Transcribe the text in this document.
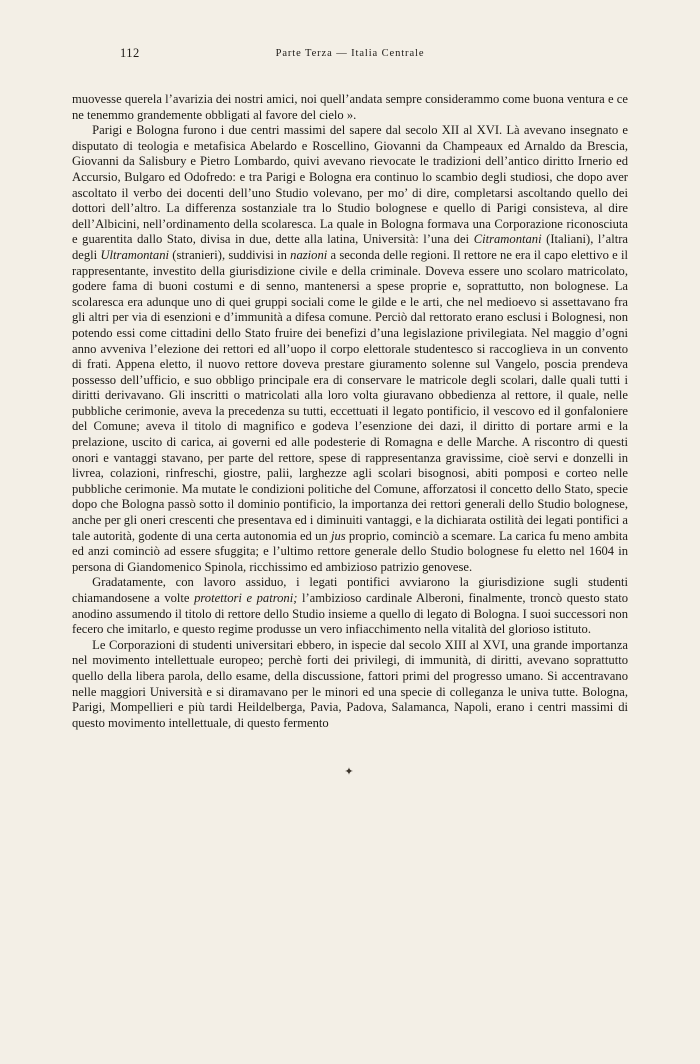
112	Parte Terza — Italia Centrale

muovesse querela l’avarizia dei nostri amici, noi quell’andata sempre considerammo come buona ventura e ce ne tenemmo grandemente obbligati al favore del cielo ».

Parigi e Bologna furono i due centri massimi del sapere dal secolo XII al XVI. Là avevano insegnato e disputato di teologia e metafisica Abelardo e Roscellino, Giovanni da Champeaux ed Arnaldo da Brescia, Giovanni da Salisbury e Pietro Lombardo, quivi avevano rievocate le tradizioni dell’antico diritto Irnerio ed Accursio, Bulgaro ed Odofredo: e tra Parigi e Bologna era continuo lo scambio degli studiosi, che dopo aver ascoltato il verbo dei docenti dell’uno Studio volevano, per mo’ di dire, completarsi ascoltando quello dei dottori dell’altro. La differenza sostanziale tra lo Studio bolognese e quello di Parigi consisteva, al dire dell’Albicini, nell’ordinamento della scolaresca. La quale in Bologna formava una Corporazione riconosciuta e guarentita dallo Stato, divisa in due, dette alla latina, Università: l’una dei Citramontani (Italiani), l’altra degli Ultramontani (stranieri), suddivisi in nazioni a seconda delle regioni. Il rettore ne era il capo elettivo e il rappresentante, investito della giurisdizione civile e della criminale. Doveva essere uno scolaro matricolato, godere fama di buoni costumi e di senno, mantenersi a spese proprie e, soprattutto, non bolognese. La scolaresca era adunque uno di quei gruppi sociali come le gilde e le arti, che nel medioevo si assettavano fra gli altri per via di esenzioni e d’immunità a difesa comune. Perciò dal rettorato erano esclusi i Bolognesi, non potendo essi come cittadini dello Stato fruire dei benefizi d’una legislazione privilegiata. Nel maggio d’ogni anno avveniva l’elezione dei rettori ed all’uopo il corpo elettorale studentesco si raccoglieva in un convento di frati. Appena eletto, il nuovo rettore doveva prestare giuramento solenne sul Vangelo, poscia prendeva possesso dell’ufficio, e suo obbligo principale era di conservare le matricole degli scolari, dalle quali tutti i diritti derivavano. Gli inscritti o matricolati alla loro volta giuravano obbedienza al rettore, il quale, nelle pubbliche cerimonie, aveva la precedenza su tutti, eccettuati il legato pontificio, il vescovo ed il gonfaloniere del Comune; aveva il titolo di magnifico e godeva l’esenzione dei dazi, il diritto di portare armi e la prelazione, uscito di carica, ai governi ed alle podesterie di Romagna e delle Marche. A riscontro di questi onori e vantaggi stavano, per parte del rettore, spese di rappresentanza gravissime, cioè servi e donzelli in livrea, colazioni, rinfreschi, giostre, palii, larghezze agli scolari bisognosi, abiti pomposi e corteo nelle pubbliche cerimonie. Ma mutate le condizioni politiche del Comune, afforzatosi il concetto dello Stato, specie dopo che Bologna passò sotto il dominio pontificio, la importanza dei rettori generali dello Studio bolognese, anche per gli oneri crescenti che presentava ed i diminuiti vantaggi, e la dichiarata ostilità dei legati pontifici a tale autorità, godente di una certa autonomia ed un jus proprio, cominciò a scemare. La carica fu meno ambita ed anzi cominciò ad essere sfuggita; e l’ultimo rettore generale dello Studio bolognese fu eletto nel 1604 in persona di Giandomenico Spinola, ricchissimo ed ambizioso patrizio genovese.

Gradatamente, con lavoro assiduo, i legati pontifici avviarono la giurisdizione sugli studenti chiamandosene a volte protettori e patroni; l’ambizioso cardinale Alberoni, finalmente, troncò questo stato anodino assumendo il titolo di rettore dello Studio insieme a quello di legato di Bologna. I suoi successori non fecero che imitarlo, e questo regime produsse un vero infiacchimento nella vitalità del glorioso istituto.

Le Corporazioni di studenti universitari ebbero, in ispecie dal secolo XIII al XVI, una grande importanza nel movimento intellettuale europeo; perchè forti dei privilegi, di immunità, di diritti, avevano soprattutto quello della libera parola, dello esame, della discussione, fattori primi del progresso umano. Si accentravano nelle maggiori Università e si diramavano per le minori ed una specie di colleganza le univa tutte. Bologna, Parigi, Mompellieri e più tardi Heildelberga, Pavia, Padova, Salamanca, Napoli, erano i centri massimi di questo movimento intellettuale, di questo fermento

✦
